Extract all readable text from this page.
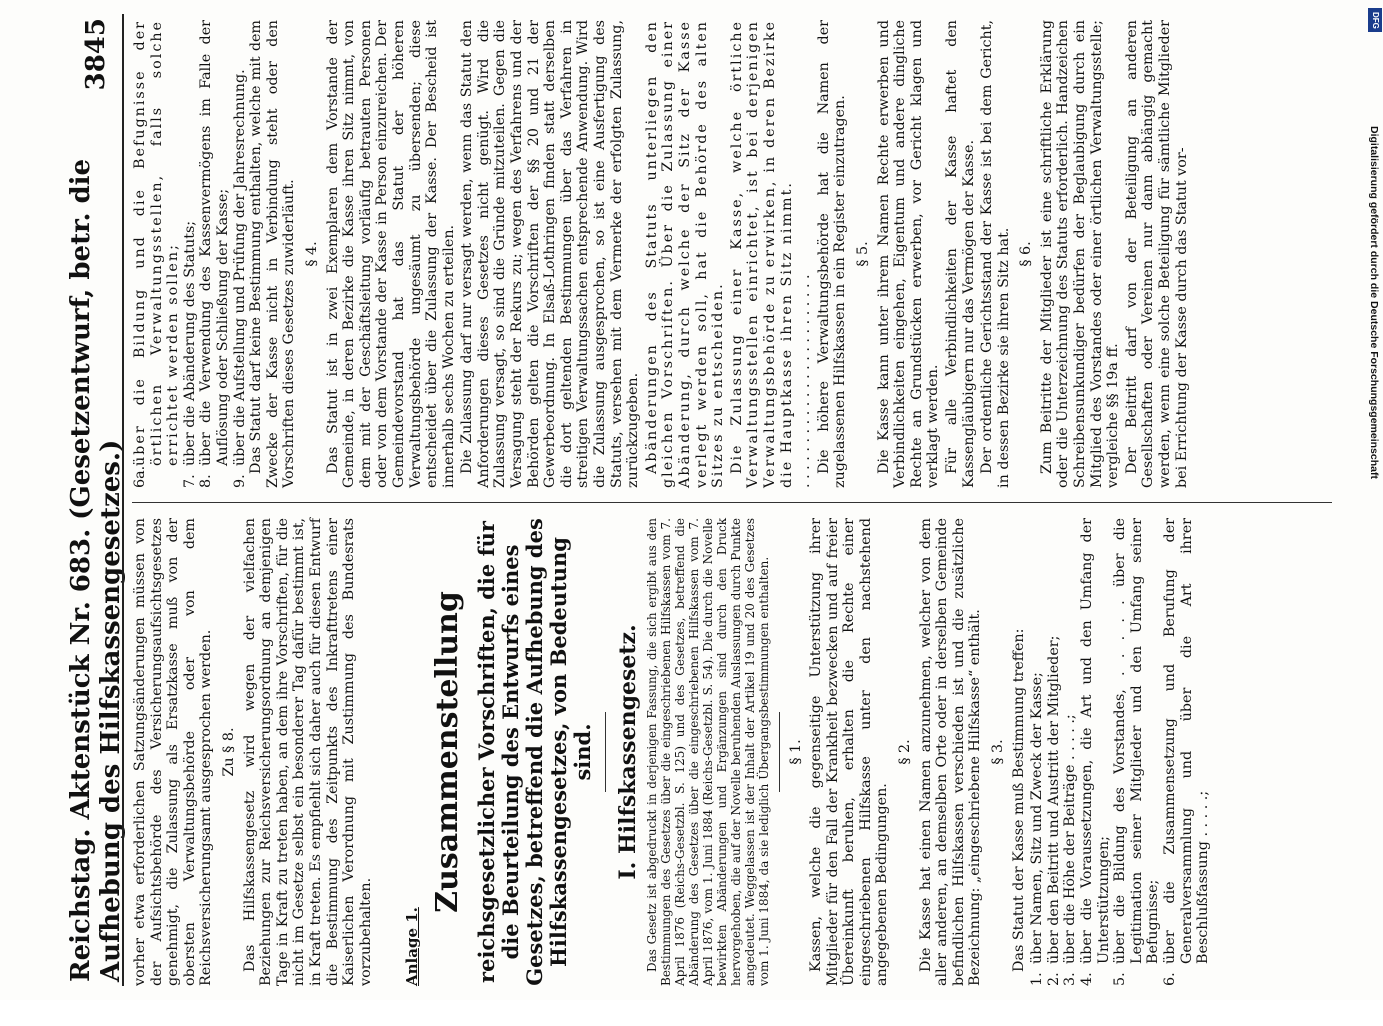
Reichstag. Aktenstück Nr. 683. (Gesetzentwurf, betr. die Aufhebung des Hilfskassengesetzes.)
3845

vorher etwa erforderlichen Satzungsänderungen müssen von der Aufsichtsbehörde des Versicherungsaufsichtsgesetzes genehmigt, die Zulassung als Ersatzkasse muß von der obersten Verwaltungsbehörde oder von dem Reichsversicherungsamt ausgesprochen werden. Zu § 8. Das Hilfskassengesetz wird wegen der vielfachen Beziehungen zur Reichsversicherungsordnung an demjenigen Tage in Kraft zu treten haben, an dem ihre Vorschriften, für die nicht im Gesetze selbst ein besonderer Tag dafür bestimmt ist, in Kraft treten. Es empfiehlt sich daher auch für diesen Entwurf die Bestimmung des Zeitpunkts des Inkrafttretens einer Kaiserlichen Verordnung mit Zustimmung des Bundesrats vorzubehalten. Anlage 1.

Zusammenstellung reichsgesetzlicher Vorschriften, die für die Beurteilung des Entwurfs eines Gesetzes, betreffend die Aufhebung des Hilfskassengesetzes, von Bedeutung sind. I. Hilfskassengesetz. Das Gesetz ist abgedruckt in derjenigen Fassung, die sich ergibt aus den Bestimmungen des Gesetzes über die eingeschriebenen Hilfskassen vom 7. April 1876 (Reichs-Gesetzbl. S. 125) und des Gesetzes, betreffend die Abänderung des Gesetzes über die eingeschriebenen Hilfskassen vom 7. April 1876, vom 1. Juni 1884 (Reichs-Gesetzbl. S. 54). Die durch die Novelle bewirkten Abänderungen und Ergänzungen sind durch den Druck hervorgehoben, die auf der Novelle beruhenden Auslassungen durch Punkte angedeutet. Weggelassen ist der Inhalt der Artikel 19 und 20 des Gesetzes vom 1. Juni 1884, da sie lediglich Übergangsbestimmungen enthalten. § 1. Kassen, welche die gegenseitige Unterstützung ihrer Mitglieder für den Fall der Krankheit bezwecken und auf freier Übereinkunft beruhen, erhalten die Rechte einer eingeschriebenen Hilfskasse unter den nachstehend angegebenen Bedingungen.

§ 2. Die Kasse hat einen Namen anzunehmen, welcher von dem aller anderen, an demselben Orte oder in derselben Gemeinde befindlichen Hilfskassen verschieden ist und die zusätzliche Bezeichnung: „eingeschriebene Hilfskasse“ enthält. § 3. Das Statut der Kasse muß Bestimmung treffen:

1.über Namen, Sitz und Zweck der Kasse;

2.über den Beitritt und Austritt der Mitglieder;

3.über die Höhe der Beiträge . . . . .;

4.über die Voraussetzungen, die Art und den Umfang der Unterstützungen;

5.über die Bildung des Vorstandes, . . . . . über die Legitimation seiner Mitglieder und den Umfang seiner Befugnisse;

6.über die Zusammensetzung und Berufung der Generalversammlung und über die Art ihrer Beschlußfassung . . . . .;

6a.über die Bildung und die Befugnisse der örtlichen Verwaltungsstellen, falls solche errichtet werden sollen;

7.über die Abänderung des Statuts;

8.über die Verwendung des Kassenvermögens im Falle der Auflösung oder Schließung der Kasse;

9.über die Aufstellung und Prüfung der Jahresrechnung. Das Statut darf keine Bestimmung enthalten, welche mit dem Zwecke der Kasse nicht in Verbindung steht oder den Vorschriften dieses Gesetzes zuwiderläuft. § 4. Das Statut ist in zwei Exemplaren dem Vorstande der Gemeinde, in deren Bezirke die Kasse ihren Sitz nimmt, von dem mit der Geschäftsleitung vorläufig betrauten Personen oder von dem Vorstande der Kasse in Person einzureichen. Der Gemeindevorstand hat das Statut der höheren Verwaltungsbehörde ungesäumt zu übersenden; diese entscheidet über die Zulassung der Kasse. Der Bescheid ist innerhalb sechs Wochen zu erteilen. Die Zulassung darf nur versagt werden, wenn das Statut den Anforderungen dieses Gesetzes nicht genügt. Wird die Zulassung versagt, so sind die Gründe mitzuteilen. Gegen die Versagung steht der Rekurs zu; wegen des Verfahrens und der Behörden gelten die Vorschriften der §§ 20 und 21 der Gewerbeordnung. In Elsaß-Lothringen finden statt derselben die dort geltenden Bestimmungen über das Verfahren in streitigen Verwaltungssachen entsprechende Anwendung. Wird die Zulassung ausgesprochen, so ist eine Ausfertigung des Statuts, versehen mit dem Vermerke der erfolgten Zulassung, zurückzugeben. Abänderungen des Statuts unterliegen den gleichen Vorschriften. Über die Zulassung einer Abänderung, durch welche der Sitz der Kasse verlegt werden soll, hat die Behörde des alten Sitzes zu entscheiden. Die Zulassung einer Kasse, welche örtliche Verwaltungsstellen einrichtet, ist bei derjenigen Verwaltungsbehörde zu erwirken, in deren Bezirke die Hauptkasse ihren Sitz nimmt. . . . . . . . . . . . . . . . . . . . . . . . . Die höhere Verwaltungsbehörde hat die Namen der zugelassenen Hilfskassen in ein Register einzutragen. § 5. Die Kasse kann unter ihrem Namen Rechte erwerben und Verbindlichkeiten eingehen, Eigentum und andere dingliche Rechte an Grundstücken erwerben, vor Gericht klagen und verklagt werden. Für alle Verbindlichkeiten der Kasse haftet den Kassengläubigern nur das Vermögen der Kasse. Der ordentliche Gerichtsstand der Kasse ist bei dem Gericht, in dessen Bezirke sie ihren Sitz hat. § 6. Zum Beitritte der Mitglieder ist eine schriftliche Erklärung oder die Unterzeichnung des Statuts erforderlich. Handzeichen Schreibensunkundiger bedürfen der Beglaubigung durch ein Mitglied des Vorstandes oder einer örtlichen Verwaltungsstelle; vergleiche §§ 19a ff. Der Beitritt darf von der Beteiligung an anderen Gesellschaften oder Vereinen nur dann abhängig gemacht werden, wenn eine solche Beteiligung für sämtliche Mitglieder bei Errichtung der Kasse durch das Statut vor-

DFG
Digitalisierung gefördert durch die Deutsche Forschungsgemeinschaft
